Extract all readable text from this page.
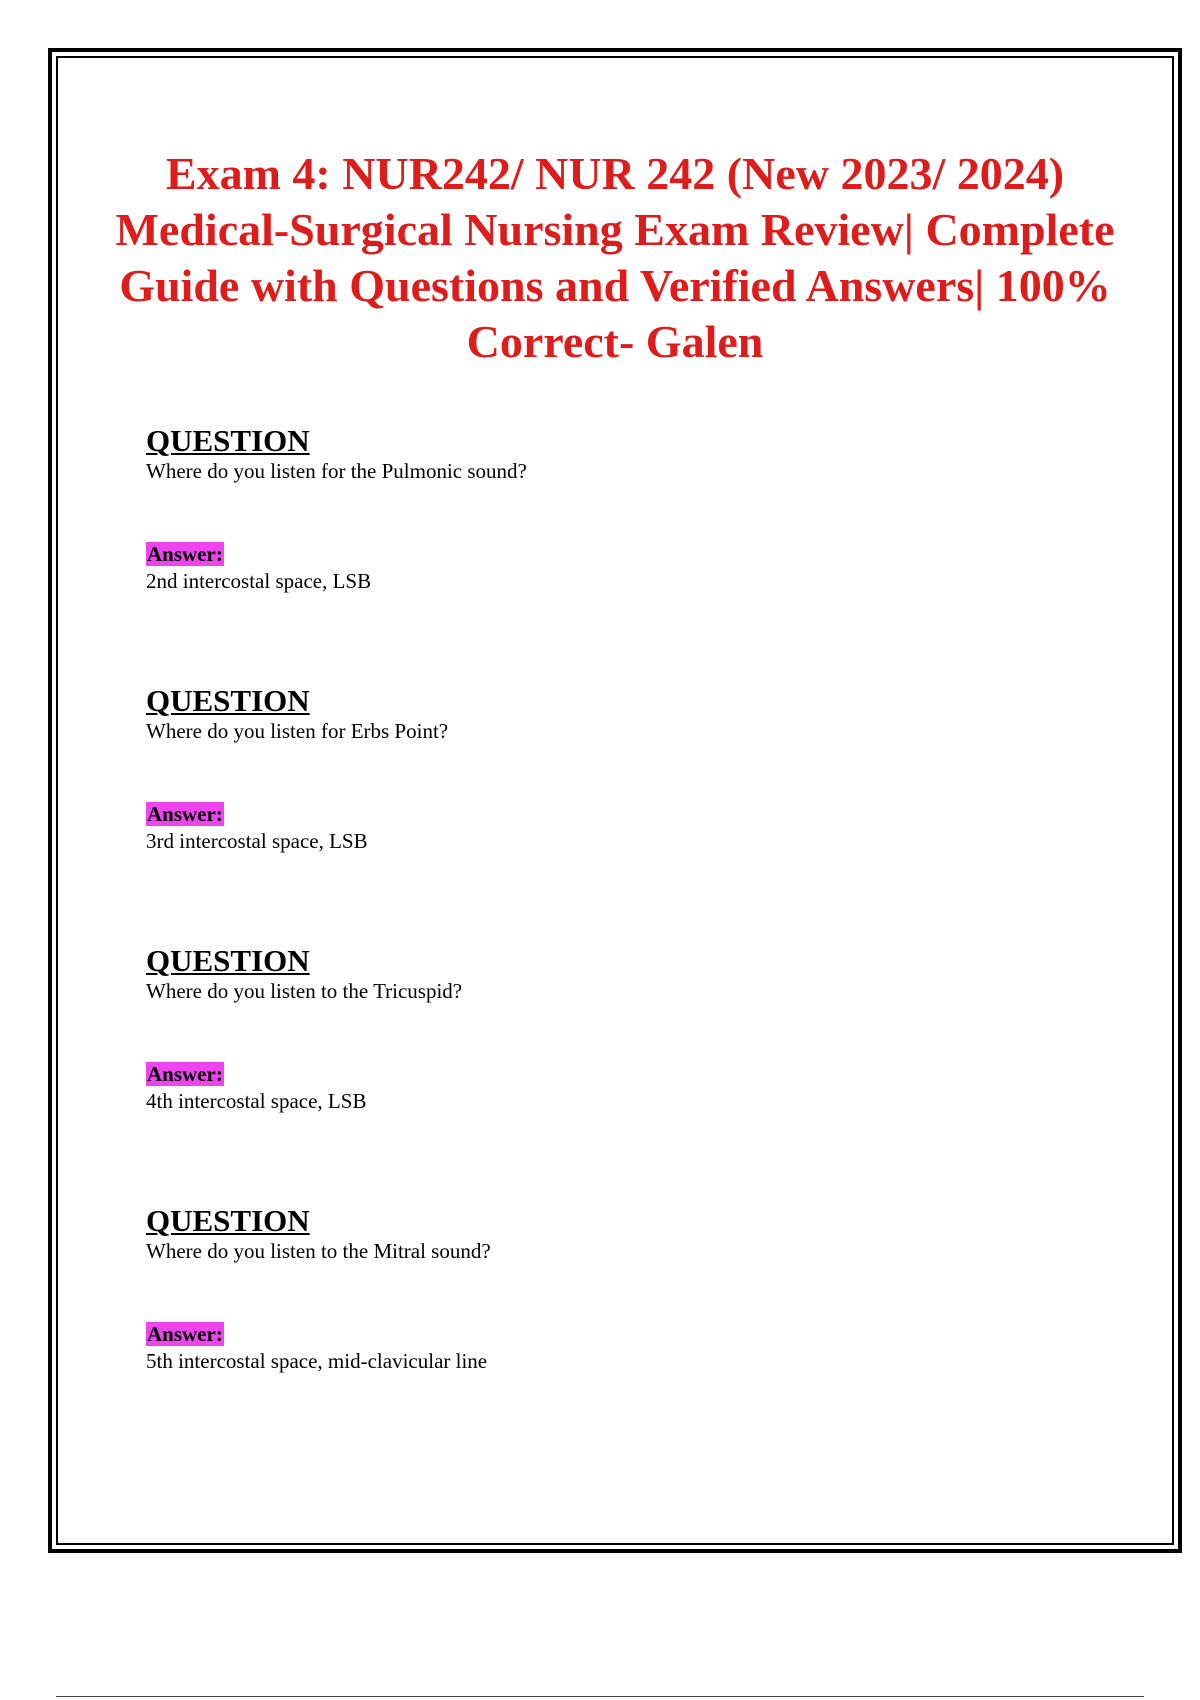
Exam 4: NUR242/ NUR 242 (New 2023/ 2024) Medical-Surgical Nursing Exam Review| Complete Guide with Questions and Verified Answers| 100% Correct- Galen
QUESTION
Where do you listen for the Pulmonic sound?
Answer:
2nd intercostal space, LSB
QUESTION
Where do you listen for Erbs Point?
Answer:
3rd intercostal space, LSB
QUESTION
Where do you listen to the Tricuspid?
Answer:
4th intercostal space, LSB
QUESTION
Where do you listen to the Mitral sound?
Answer:
5th intercostal space, mid-clavicular line
